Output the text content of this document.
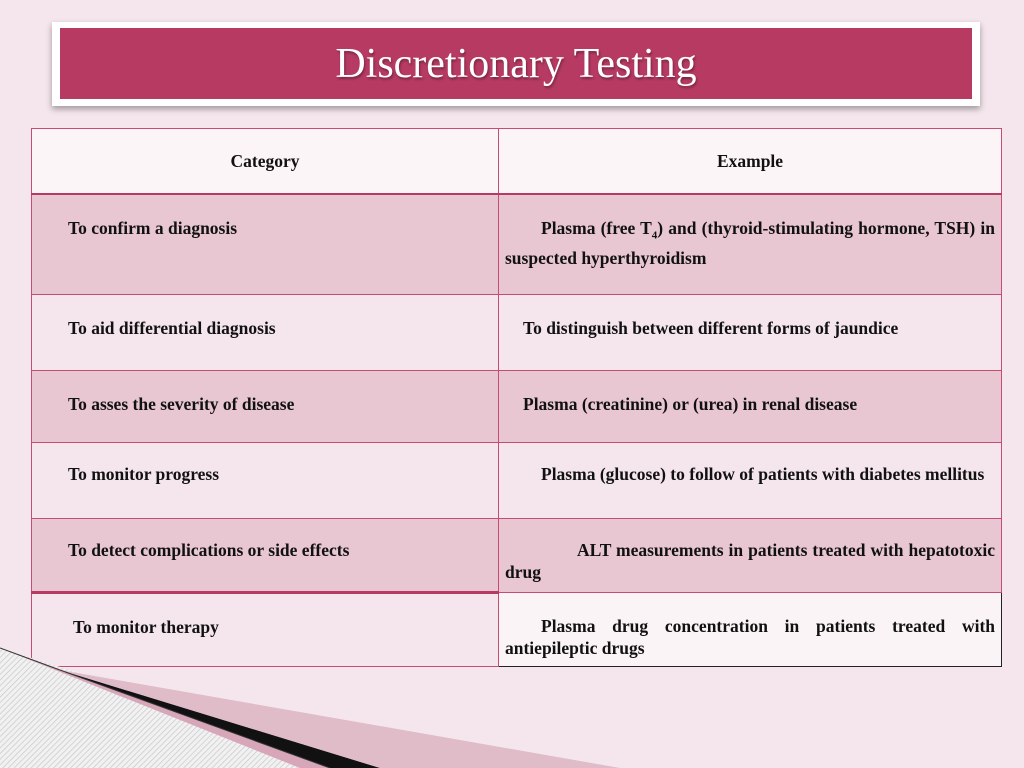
Discretionary Testing
Category	Example
To confirm a diagnosis	Plasma (free $T_4$) and (thyroid-stimulating hormone, TSH) in suspected hyperthyroidism
To aid differential diagnosis	To distinguish between different forms of jaundice
To asses the severity of disease	Plasma (creatinine) or (urea) in renal disease
To monitor progress	Plasma (glucose) to follow of patients with diabetes mellitus
To detect complications or side effects	ALT measurements in patients treated with hepatotoxic drug
To monitor therapy	Plasma drug concentration in patients treated with antiepileptic drugs
